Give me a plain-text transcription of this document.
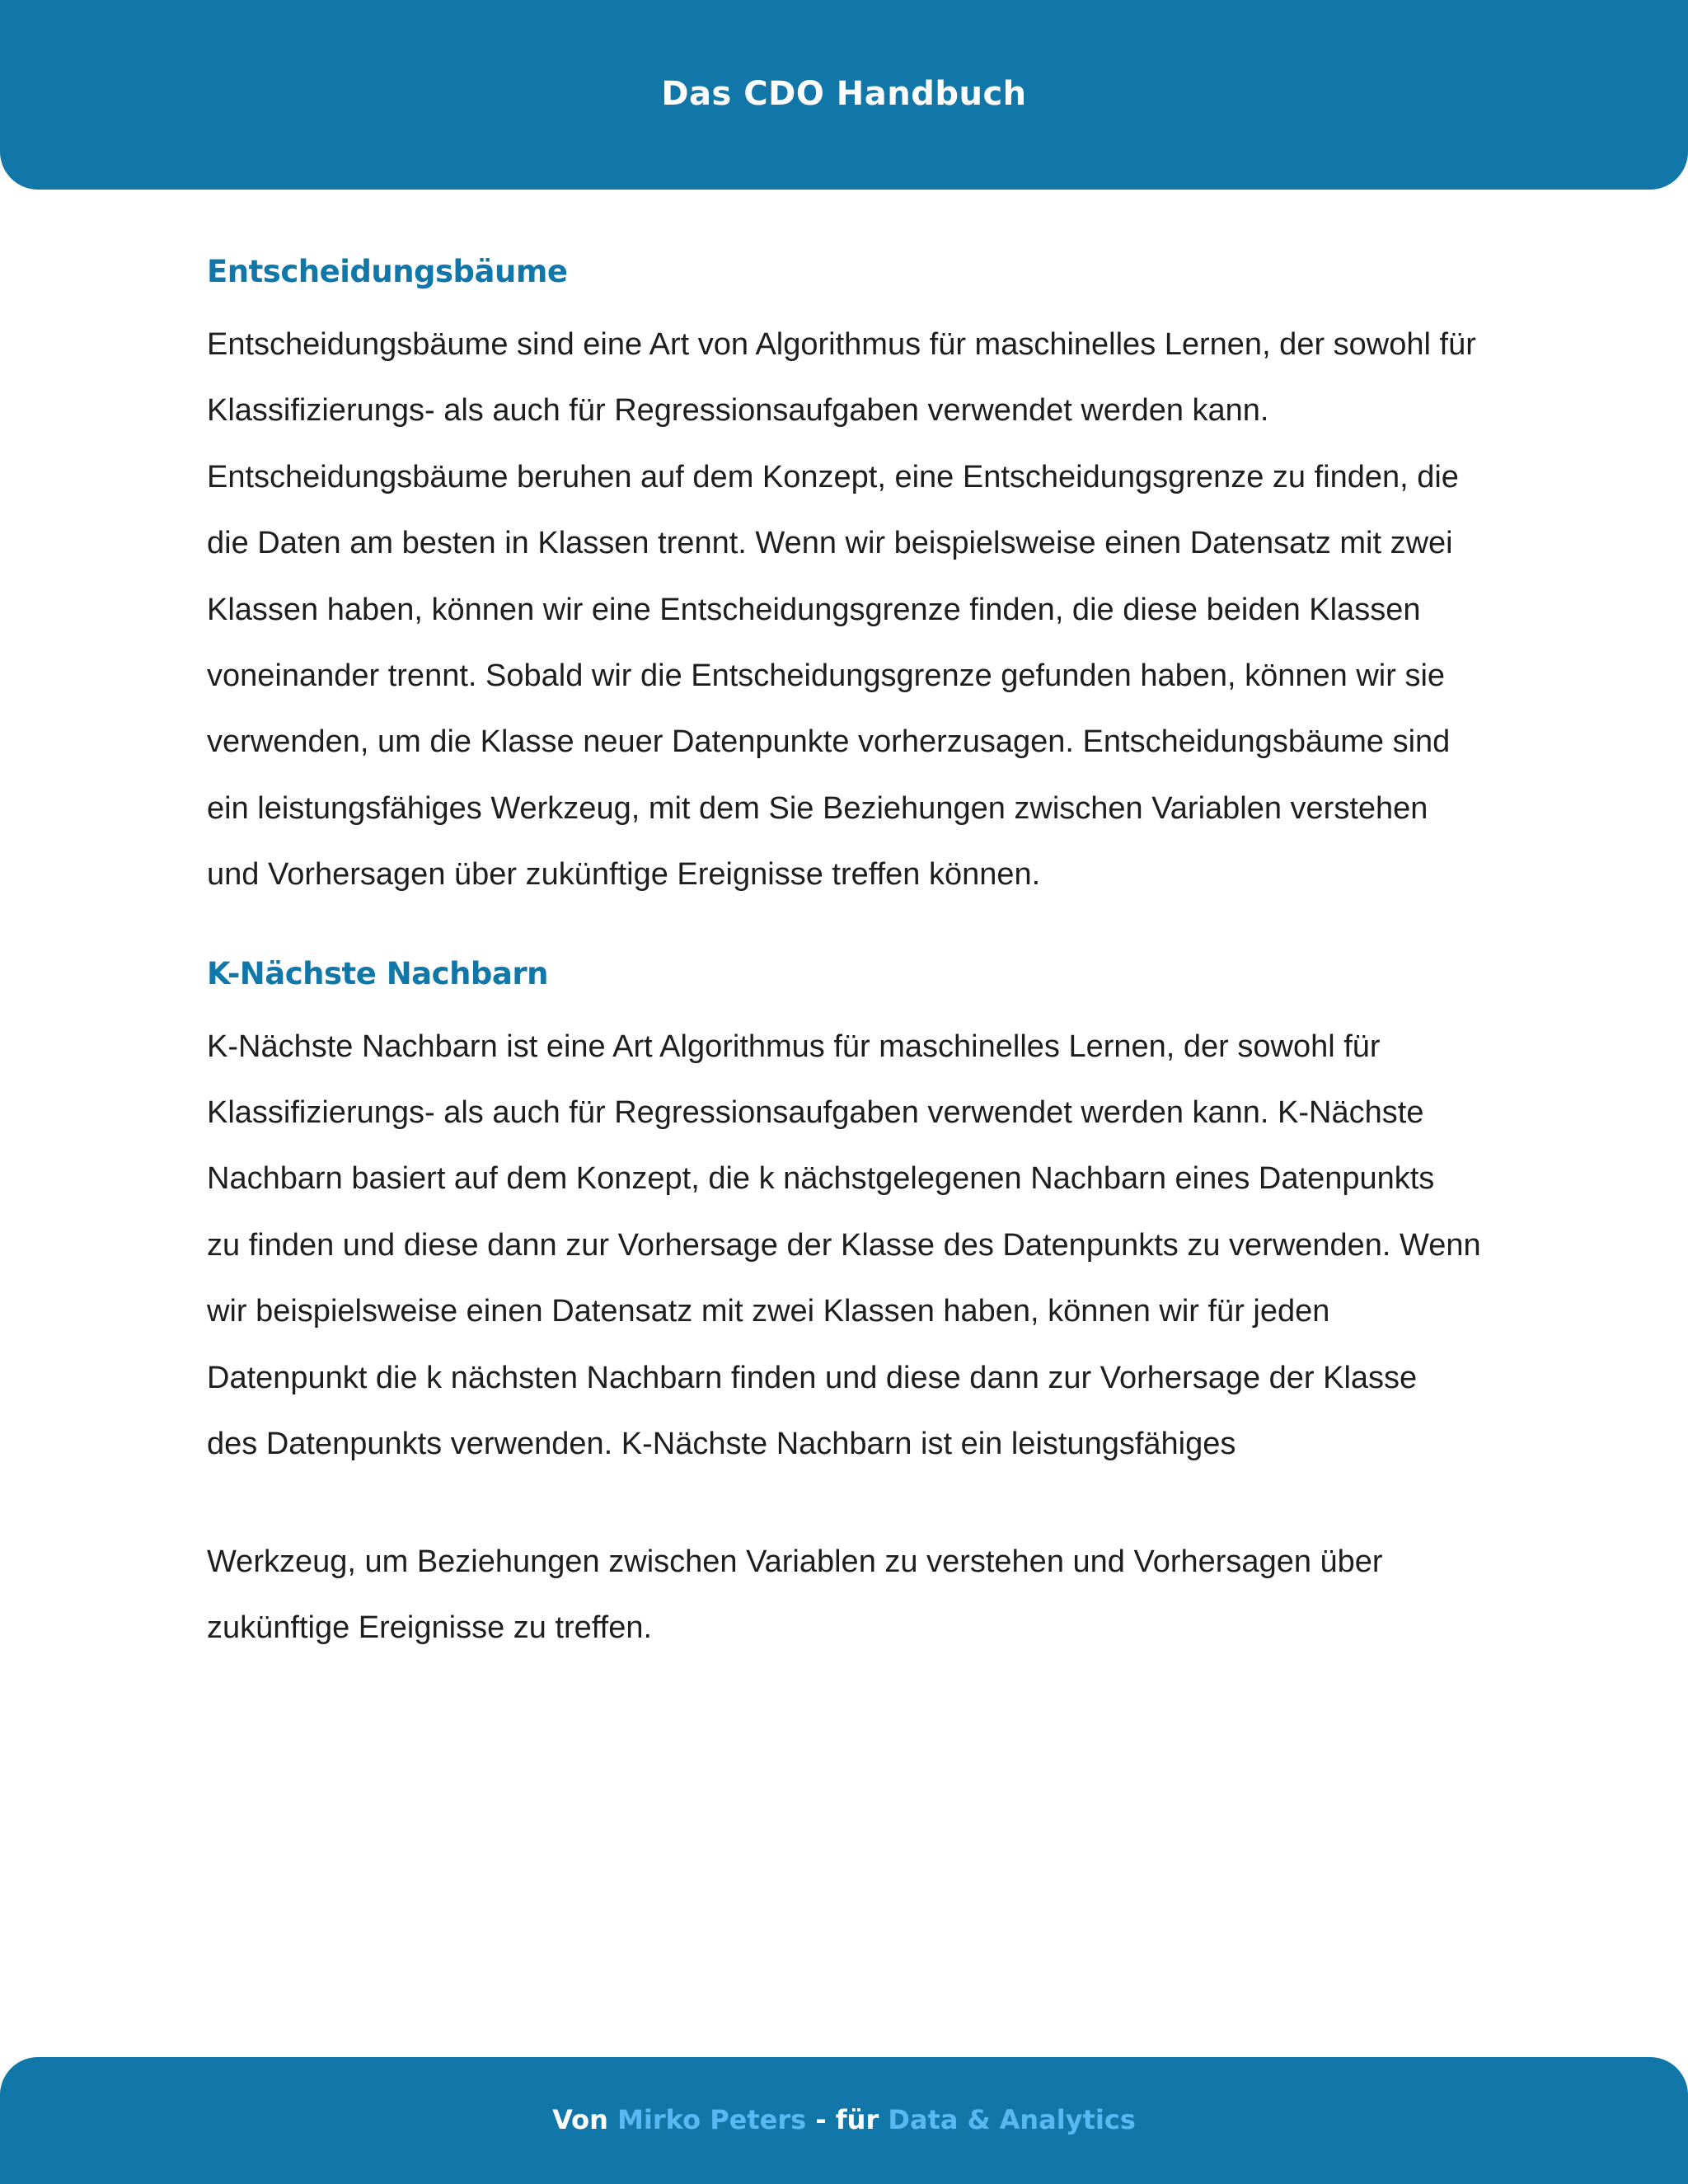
Das CDO Handbuch
Entscheidungsbäume

Entscheidungsbäume sind eine Art von Algorithmus für maschinelles Lernen, der sowohl für
Klassifizierungs- als auch für Regressionsaufgaben verwendet werden kann.
Entscheidungsbäume beruhen auf dem Konzept, eine Entscheidungsgrenze zu finden, die
die Daten am besten in Klassen trennt. Wenn wir beispielsweise einen Datensatz mit zwei
Klassen haben, können wir eine Entscheidungsgrenze finden, die diese beiden Klassen
voneinander trennt. Sobald wir die Entscheidungsgrenze gefunden haben, können wir sie
verwenden, um die Klasse neuer Datenpunkte vorherzusagen. Entscheidungsbäume sind
ein leistungsfähiges Werkzeug, mit dem Sie Beziehungen zwischen Variablen verstehen
und Vorhersagen über zukünftige Ereignisse treffen können.

K-Nächste Nachbarn

K-Nächste Nachbarn ist eine Art Algorithmus für maschinelles Lernen, der sowohl für
Klassifizierungs- als auch für Regressionsaufgaben verwendet werden kann. K-Nächste
Nachbarn basiert auf dem Konzept, die k nächstgelegenen Nachbarn eines Datenpunkts
zu finden und diese dann zur Vorhersage der Klasse des Datenpunkts zu verwenden. Wenn
wir beispielsweise einen Datensatz mit zwei Klassen haben, können wir für jeden
Datenpunkt die k nächsten Nachbarn finden und diese dann zur Vorhersage der Klasse
des Datenpunkts verwenden. K-Nächste Nachbarn ist ein leistungsfähiges

Werkzeug, um Beziehungen zwischen Variablen zu verstehen und Vorhersagen über
zukünftige Ereignisse zu treffen.

Von Mirko Peters - für Data & Analytics
